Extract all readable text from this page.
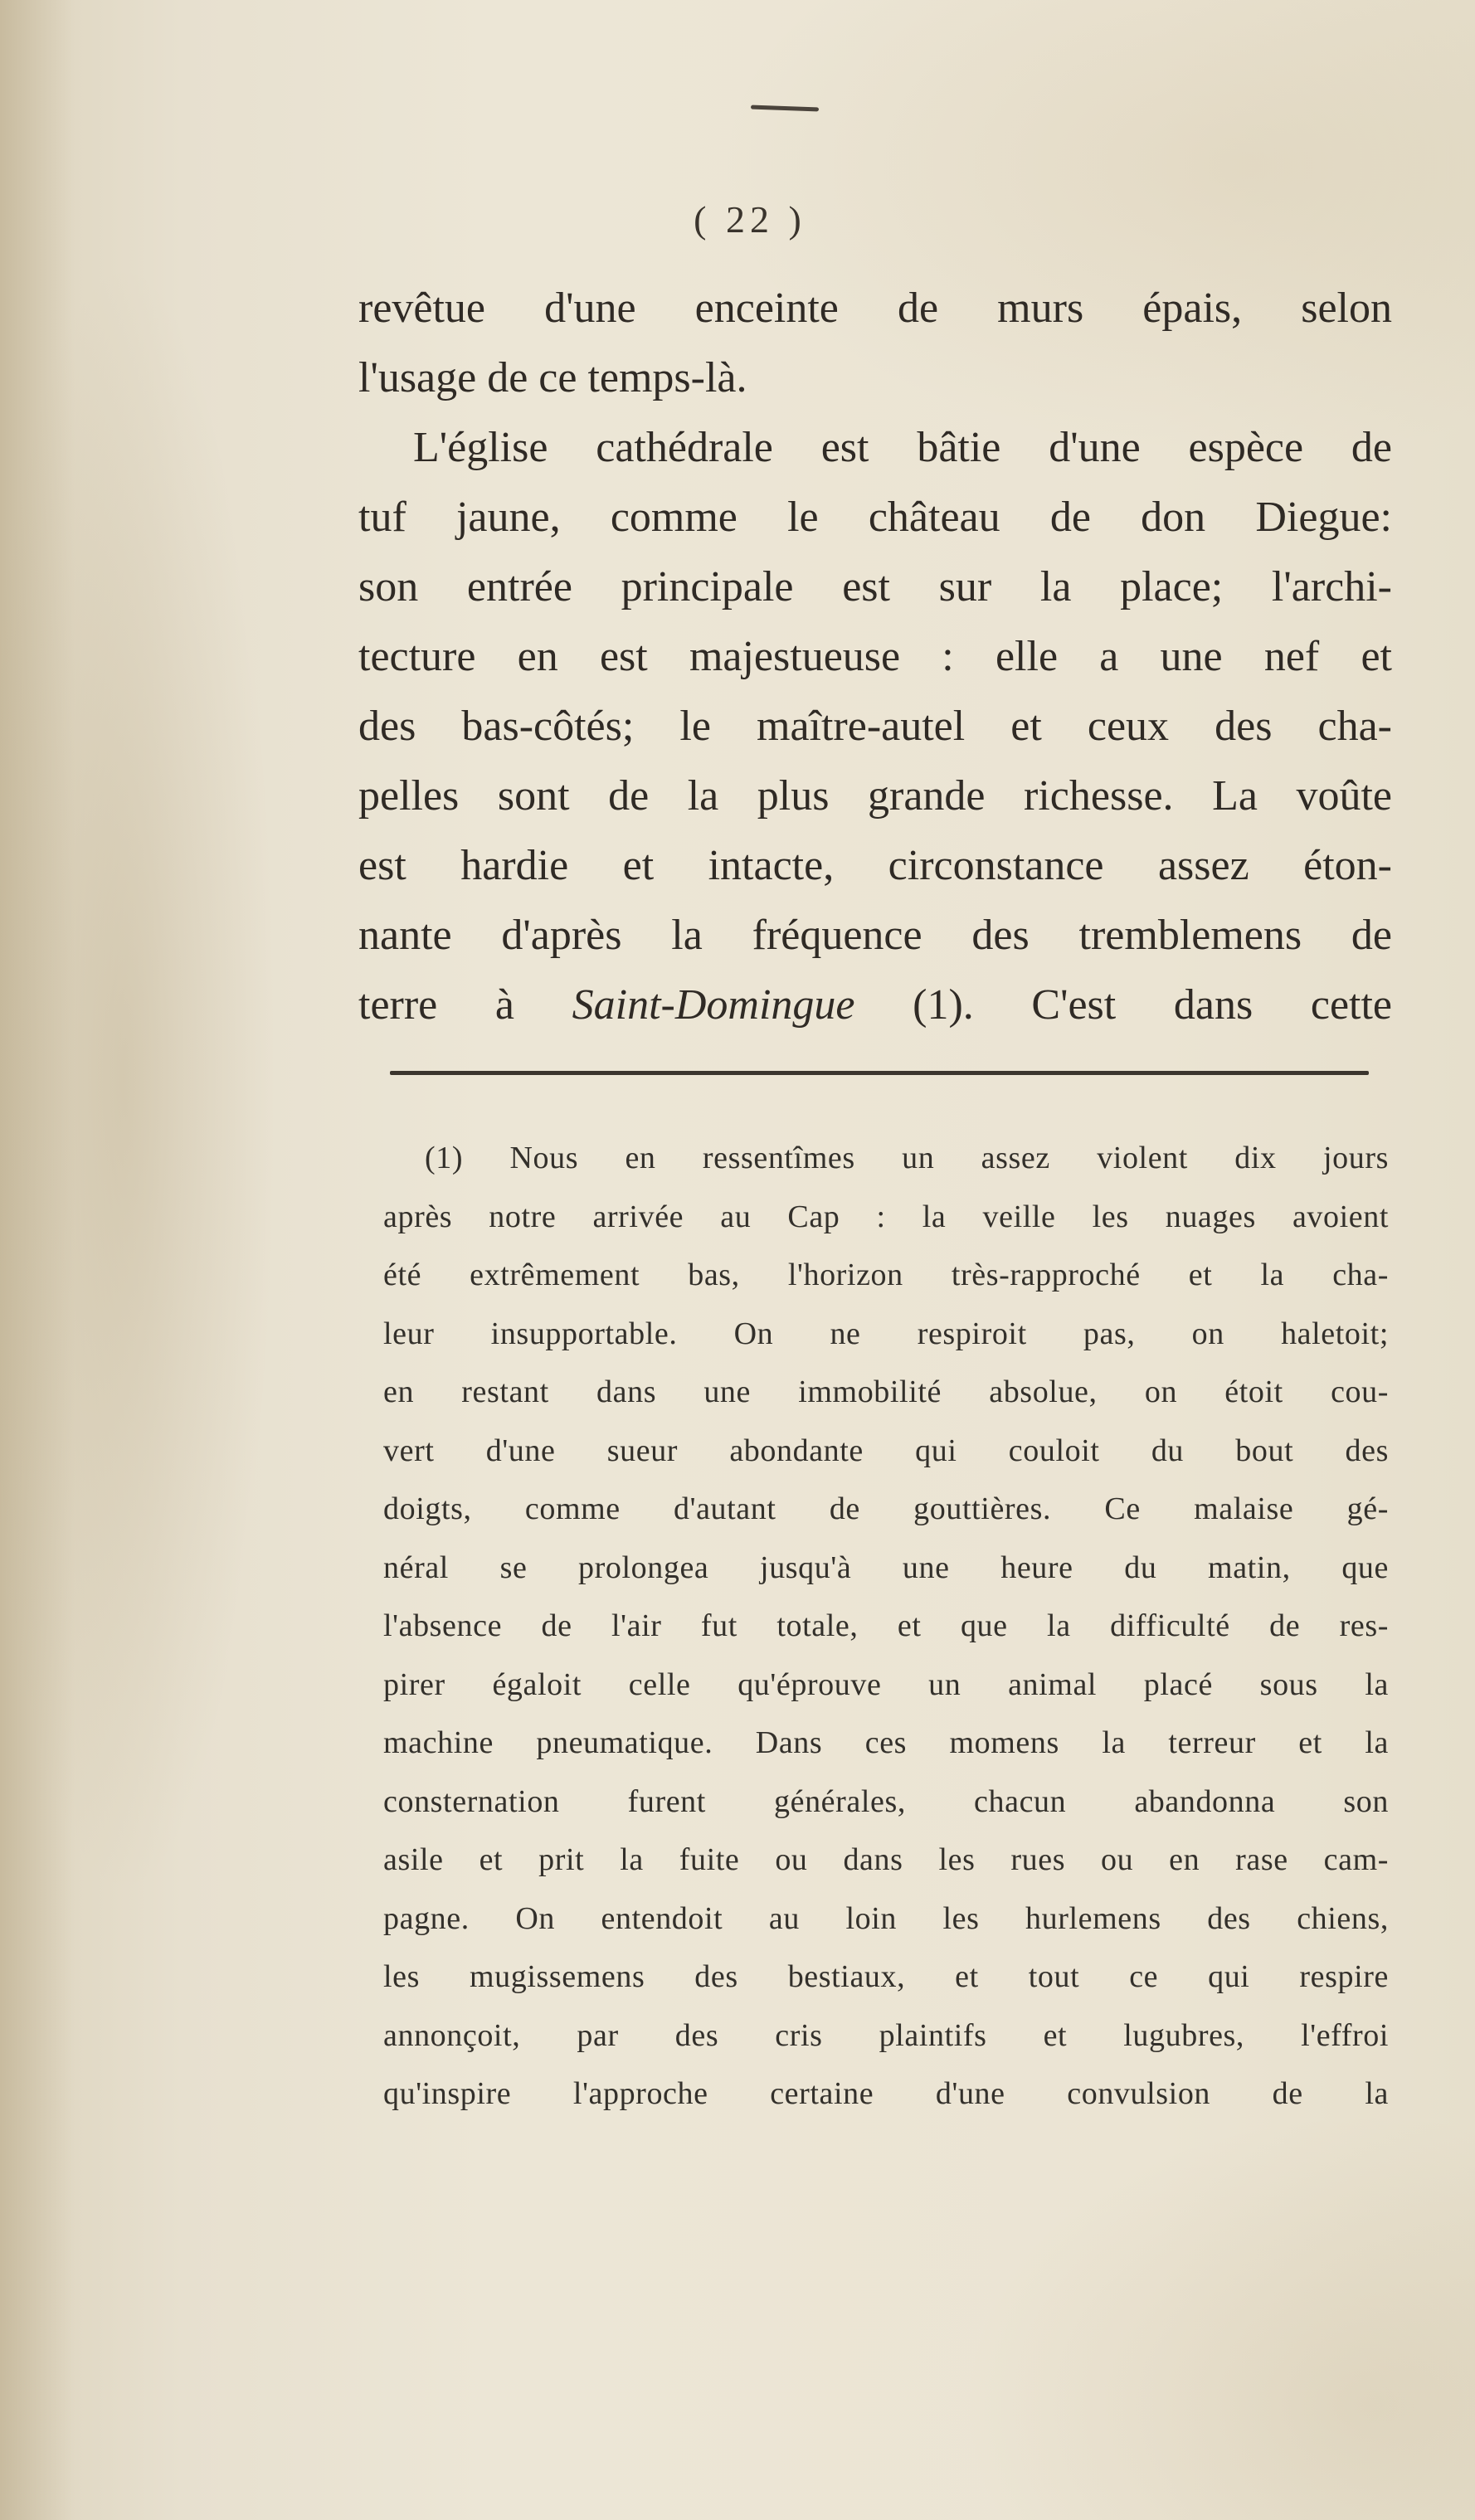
( 22 )
revêtue d'une enceinte de murs épais, selon
l'usage de ce temps-là.
L'église cathédrale est bâtie d'une espèce de
tuf jaune, comme le château de don Diegue:
son entrée principale est sur la place; l'archi-
tecture en est majestueuse : elle a une nef et
des bas-côtés; le maître-autel et ceux des cha-
pelles sont de la plus grande richesse. La voûte
est hardie et intacte, circonstance assez éton-
nante d'après la fréquence des tremblemens de
terre à Saint-Domingue (1). C'est dans cette
(1) Nous en ressentîmes un assez violent dix jours
après notre arrivée au Cap : la veille les nuages avoient
été extrêmement bas, l'horizon très-rapproché et la cha-
leur insupportable. On ne respiroit pas, on haletoit;
en restant dans une immobilité absolue, on étoit cou-
vert d'une sueur abondante qui couloit du bout des
doigts, comme d'autant de gouttières. Ce malaise gé-
néral se prolongea jusqu'à une heure du matin, que
l'absence de l'air fut totale, et que la difficulté de res-
pirer égaloit celle qu'éprouve un animal placé sous la
machine pneumatique. Dans ces momens la terreur et la
consternation furent générales, chacun abandonna son
asile et prit la fuite ou dans les rues ou en rase cam-
pagne. On entendoit au loin les hurlemens des chiens,
les mugissemens des bestiaux, et tout ce qui respire
annonçoit, par des cris plaintifs et lugubres, l'effroi
qu'inspire l'approche certaine d'une convulsion de la
